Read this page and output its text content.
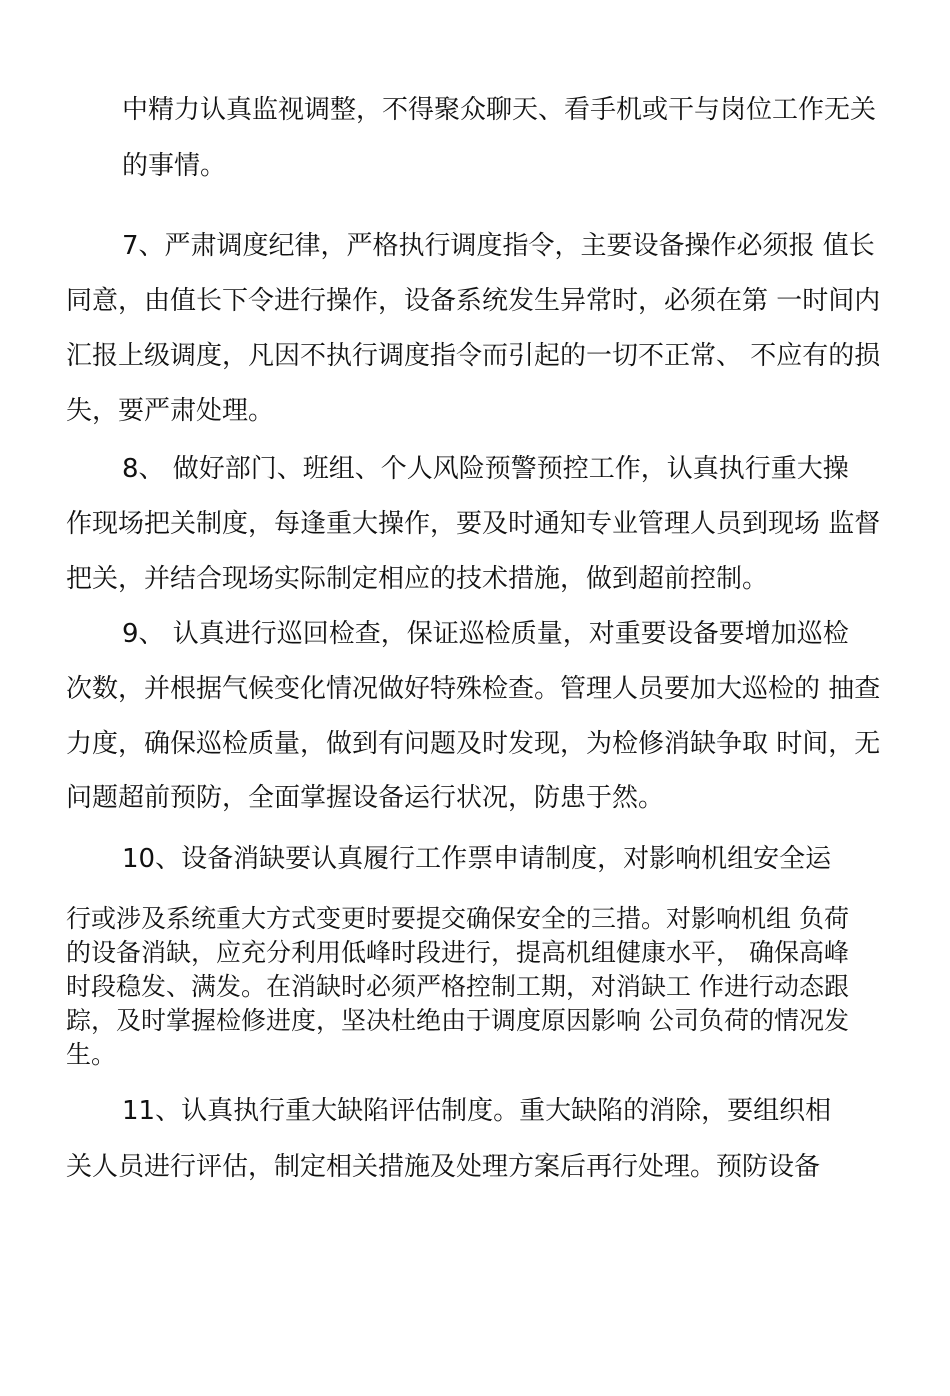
中精力认真监视调整，不得聚众聊天、看手机或干与岗位工作无关

的事情。

7、严肃调度纪律，严格执行调度指令，主要设备操作必须报 值长

同意，由值长下令进行操作，设备系统发生异常时，必须在第 一时间内

汇报上级调度，凡因不执行调度指令而引起的一切不正常、 不应有的损

失，要严肃处理。

8、 做好部门、班组、个人风险预警预控工作，认真执行重大操

作现场把关制度，每逢重大操作，要及时通知专业管理人员到现场 监督

把关，并结合现场实际制定相应的技术措施，做到超前控制。

9、 认真进行巡回检查，保证巡检质量，对重要设备要增加巡检

次数，并根据气候变化情况做好特殊检查。管理人员要加大巡检的 抽查

力度，确保巡检质量，做到有问题及时发现，为检修消缺争取 时间，无

问题超前预防，全面掌握设备运行状况，防患于然。

10、设备消缺要认真履行工作票申请制度，对影响机组安全运

行或涉及系统重大方式变更时要提交确保安全的三措。对影响机组 负荷

的设备消缺，应充分利用低峰时段进行，提高机组健康水平， 确保高峰

时段稳发、满发。在消缺时必须严格控制工期，对消缺工 作进行动态跟

踪，及时掌握检修进度，坚决杜绝由于调度原因影响 公司负荷的情况发

生。

11、认真执行重大缺陷评估制度。重大缺陷的消除，要组织相

关人员进行评估，制定相关措施及处理方案后再行处理。预防设备
